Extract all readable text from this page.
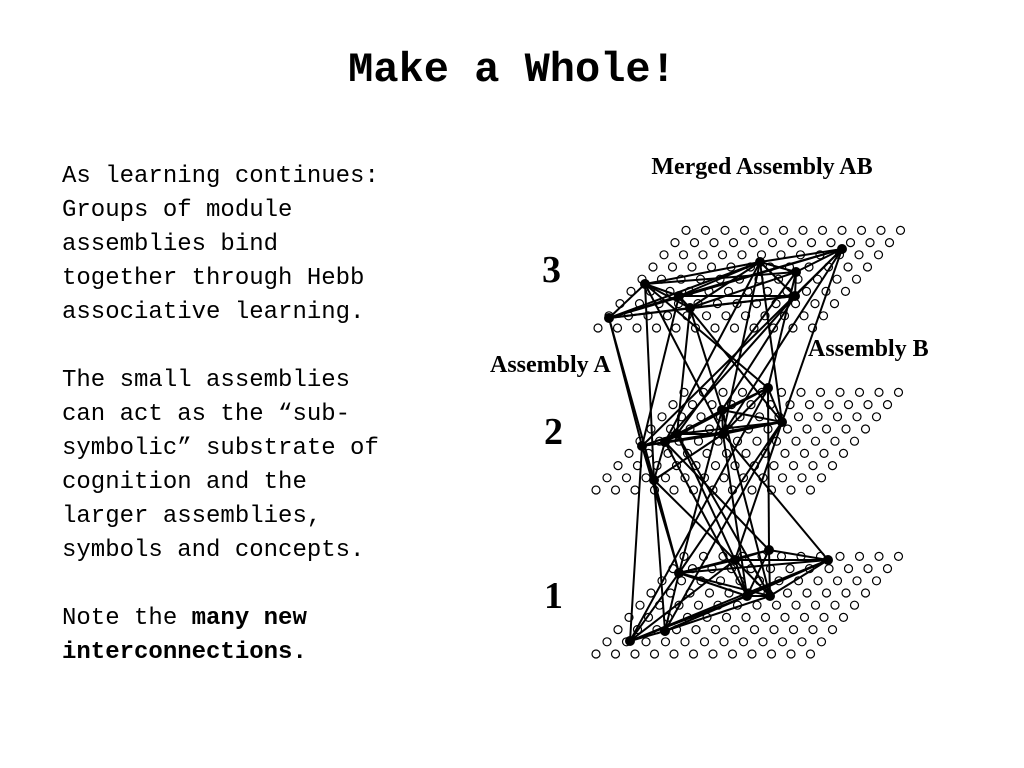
Make a Whole!

As learning continues:
Groups of module
assemblies bind
together through Hebb
associative learning.

The small assemblies
can act as the “sub-
symbolic” substrate of
cognition and the
larger assemblies,
symbols and concepts.

Note the many new
interconnections.

Merged Assembly AB
Assembly A
Assembly B
3
2
1
